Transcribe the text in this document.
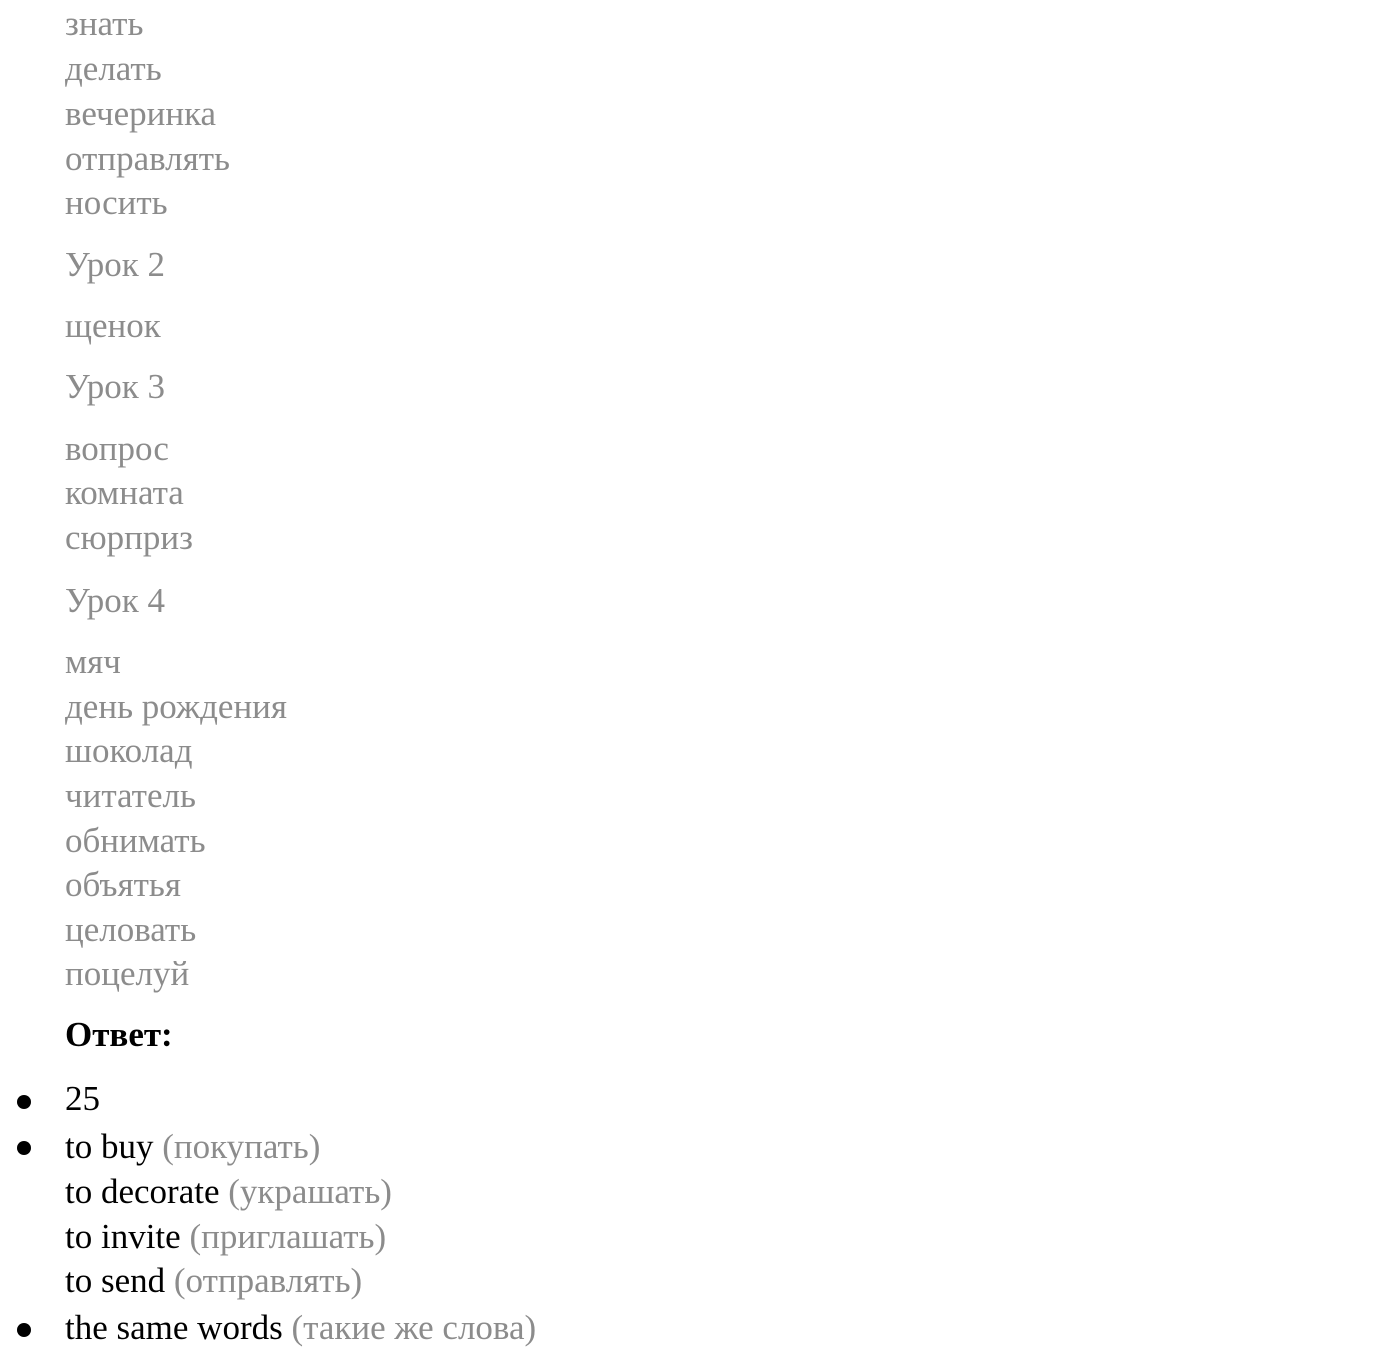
знать
делать
вечеринка
отправлять
носить
Урок 2
щенок
Урок 3
вопрос
комната
сюрприз
Урок 4
мяч
день рождения
шоколад
читатель
обнимать
объятья
целовать
поцелуй
Ответ:
25
to buy (покупать)
to decorate (украшать)
to invite (приглашать)
to send (отправлять)
the same words (такие же слова)
